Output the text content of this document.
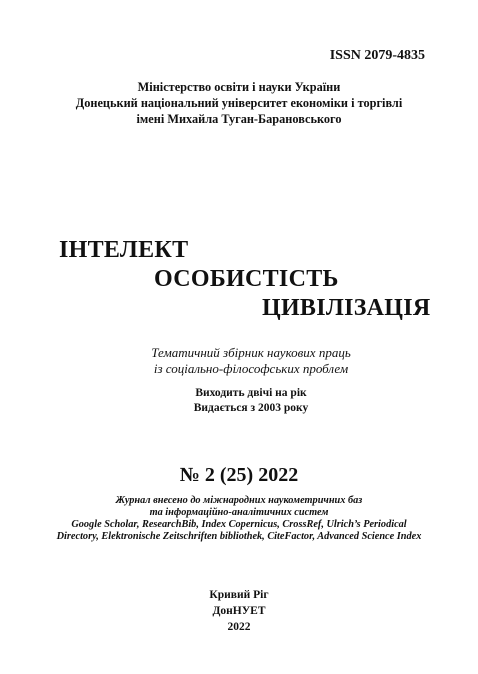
ISSN 2079-4835
Міністерство освіти і науки України
Донецький національний університет економіки і торгівлі
імені Михайла Туган-Барановського
ІНТЕЛЕКТ
ОСОБИСТІСТЬ
ЦИВІЛІЗАЦІЯ
Тематичний збірник наукових праць
із соціально-філософських проблем
Виходить двічі на рік
Видається з 2003 року
№ 2 (25) 2022
Журнал внесено до міжнародних наукометричних баз
та інформаційно-аналітичних систем
Google Scholar, ResearchBib, Index Copernicus, CrossRef, Ulrich’s Periodical
Directory, Elektronische Zeitschriften bibliothek, CiteFactor, Advanced Science Index
Кривий Ріг
ДонНУЕТ
2022
